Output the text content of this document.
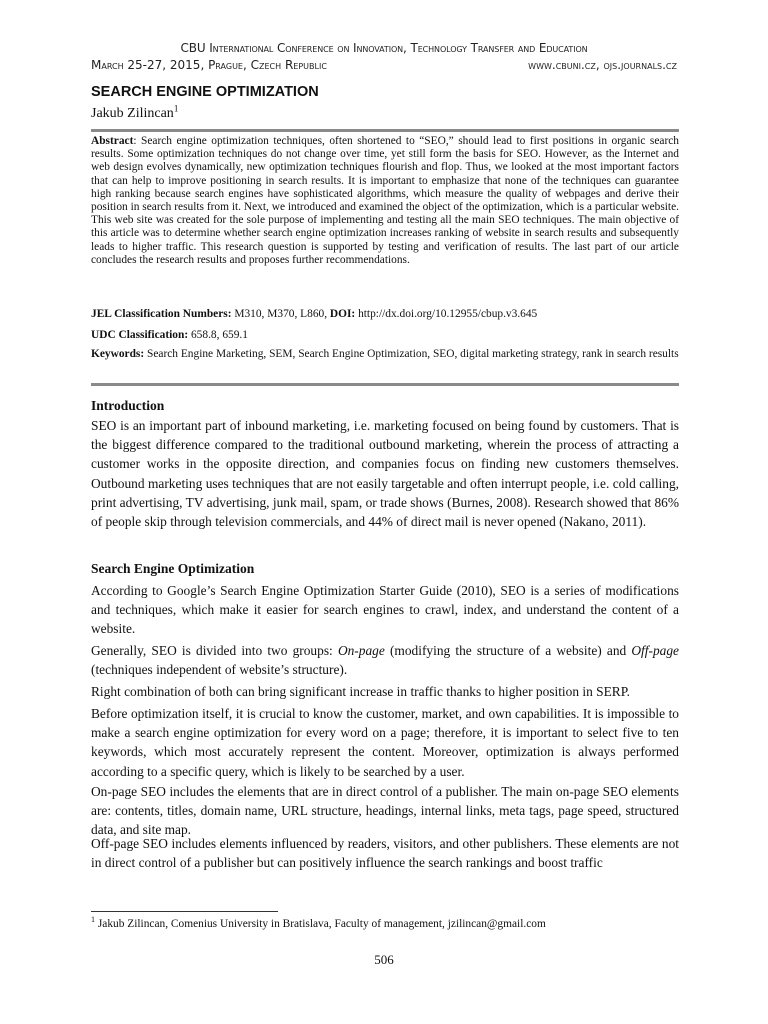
CBU International Conference on Innovation, Technology Transfer and Education
March 25-27, 2015, Prague, Czech Republic	www.cbuni.cz, ojs.journals.cz
SEARCH ENGINE OPTIMIZATION
Jakub Zilincan$^1$

Abstract: Search engine optimization techniques, often shortened to “SEO,” should lead to first positions in organic search results. Some optimization techniques do not change over time, yet still form the basis for SEO. However, as the Internet and web design evolves dynamically, new optimization techniques flourish and flop. Thus, we looked at the most important factors that can help to improve positioning in search results. It is important to emphasize that none of the techniques can guarantee high ranking because search engines have sophisticated algorithms, which measure the quality of webpages and derive their position in search results from it. Next, we introduced and examined the object of the optimization, which is a particular website. This web site was created for the sole purpose of implementing and testing all the main SEO techniques. The main objective of this article was to determine whether search engine optimization increases ranking of website in search results and subsequently leads to higher traffic. This research question is supported by testing and verification of results. The last part of our article concludes the research results and proposes further recommendations.

JEL Classification Numbers: M310, M370, L860, DOI: http://dx.doi.org/10.12955/cbup.v3.645

UDC Classification: 658.8, 659.1

Keywords: Search Engine Marketing, SEM, Search Engine Optimization, SEO, digital marketing strategy, rank in search results

Introduction

SEO is an important part of inbound marketing, i.e. marketing focused on being found by customers. That is the biggest difference compared to the traditional outbound marketing, wherein the process of attracting a customer works in the opposite direction, and companies focus on finding new customers themselves. Outbound marketing uses techniques that are not easily targetable and often interrupt people, i.e. cold calling, print advertising, TV advertising, junk mail, spam, or trade shows (Burnes, 2008). Research showed that 86% of people skip through television commercials, and 44% of direct mail is never opened (Nakano, 2011).

Search Engine Optimization

According to Google’s Search Engine Optimization Starter Guide (2010), SEO is a series of modifications and techniques, which make it easier for search engines to crawl, index, and understand the content of a website.

Generally, SEO is divided into two groups: On-page (modifying the structure of a website) and Off-page (techniques independent of website’s structure).

Right combination of both can bring significant increase in traffic thanks to higher position in SERP.

Before optimization itself, it is crucial to know the customer, market, and own capabilities. It is impossible to make a search engine optimization for every word on a page; therefore, it is important to select five to ten keywords, which most accurately represent the content. Moreover, optimization is always performed according to a specific query, which is likely to be searched by a user.

On-page SEO includes the elements that are in direct control of a publisher. The main on-page SEO elements are: contents, titles, domain name, URL structure, headings, internal links, meta tags, page speed, structured data, and site map.

Off-page SEO includes elements influenced by readers, visitors, and other publishers. These elements are not in direct control of a publisher but can positively influence the search rankings and boost traffic

$^1$ Jakub Zilincan, Comenius University in Bratislava, Faculty of management, jzilincan@gmail.com
506
